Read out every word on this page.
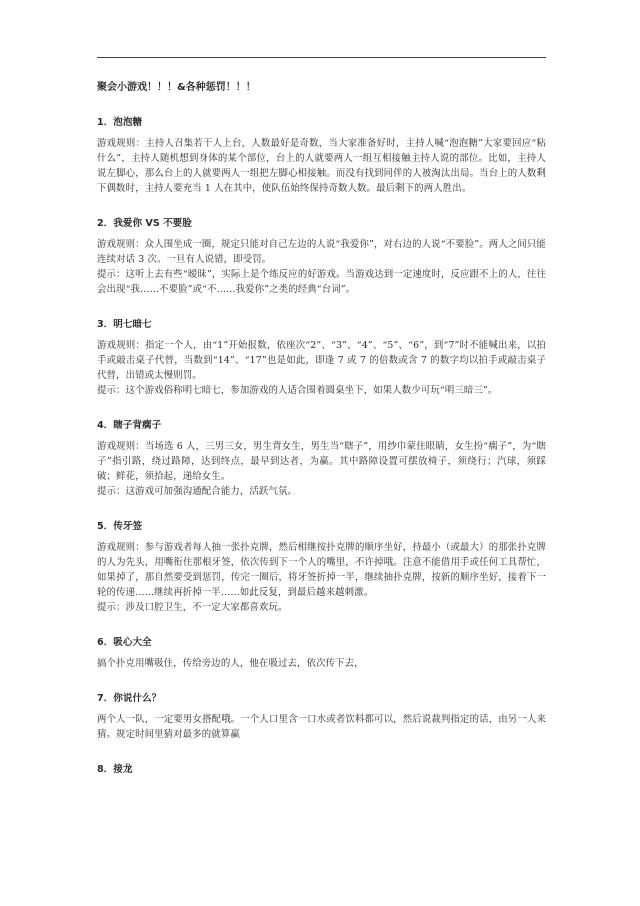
聚会小游戏！！！&各种惩罚！！！
1．泡泡糖

游戏规则：主持人召集若干人上台，人数最好是奇数，当大家准备好时，主持人喊“泡泡糖”大家要回应“粘什么”，主持人随机想到身体的某个部位，台上的人就要两人一组互相接触主持人说的部位。比如，主持人说左脚心，那么台上的人就要两人一组把左脚心相接触。而没有找到同伴的人被淘汰出局。当台上的人数剩下偶数时，主持人要充当 1 人在其中，使队伍始终保持奇数人数。最后剩下的两人胜出。

2．我爱你 VS 不要脸

游戏规则：众人围坐成一圈，规定只能对自己左边的人说“我爱你”，对右边的人说“不要脸”。两人之间只能连续对话 3 次。一旦有人说错，即受罚。

提示：这听上去有些“暧昧”，实际上是个练反应的好游戏。当游戏达到一定速度时，反应跟不上的人，往往会出现“我……不要脸”或“不……我爱你”之类的经典“台词”。

3．明七暗七

游戏规则：指定一个人，由“1”开始报数，依座次“2”、“3”、“4”、“5”、“6”，到“7”时不能喊出来，以拍手或敲击桌子代替，当数到“14”、“17”也是如此，即逢 7 或 7 的倍数或含 7 的数字均以拍手或敲击桌子代替，出错或太慢则罚。

提示：这个游戏俗称明七暗七，参加游戏的人适合围着圆桌坐下，如果人数少可玩“明三暗三”。

4．瞎子背瘸子

游戏规则：当场选 6 人，三男三女，男生背女生，男生当“瞎子”，用纱巾蒙住眼睛，女生扮“瘸子”，为“瞎子”指引路，绕过路障，达到终点，最早到达者，为赢。其中路障设置可摆放椅子，须绕行；汽球，须踩破；鲜花，须拾起，递给女生。

提示：这游戏可加强沟通配合能力，活跃气氛。

5．传牙签

游戏规则：参与游戏者每人抽一张扑克牌，然后相继按扑克牌的顺序坐好，持最小（或最大）的那张扑克牌的人为先头，用嘴衔住那根牙签，依次传到下一个人的嘴里，不许掉哦。注意不能借用手或任何工具帮忙，如果掉了，那自然要受到惩罚，传完一圈后，将牙签折掉一半，继续抽扑克牌，按新的顺序坐好，接着下一轮的传递……继续再折掉一半……如此反复，到最后越来越刺激。

提示：涉及口腔卫生，不一定大家都喜欢玩。

6．吸心大全

搞个扑克用嘴吸住，传给旁边的人，他在吸过去，依次传下去，

7．你说什么？

两个人一队，一定要男女搭配哦。一个人口里含一口水或者饮料都可以，然后说裁判指定的话，由另一人来猜。规定时间里猜对最多的就算赢

8．接龙
